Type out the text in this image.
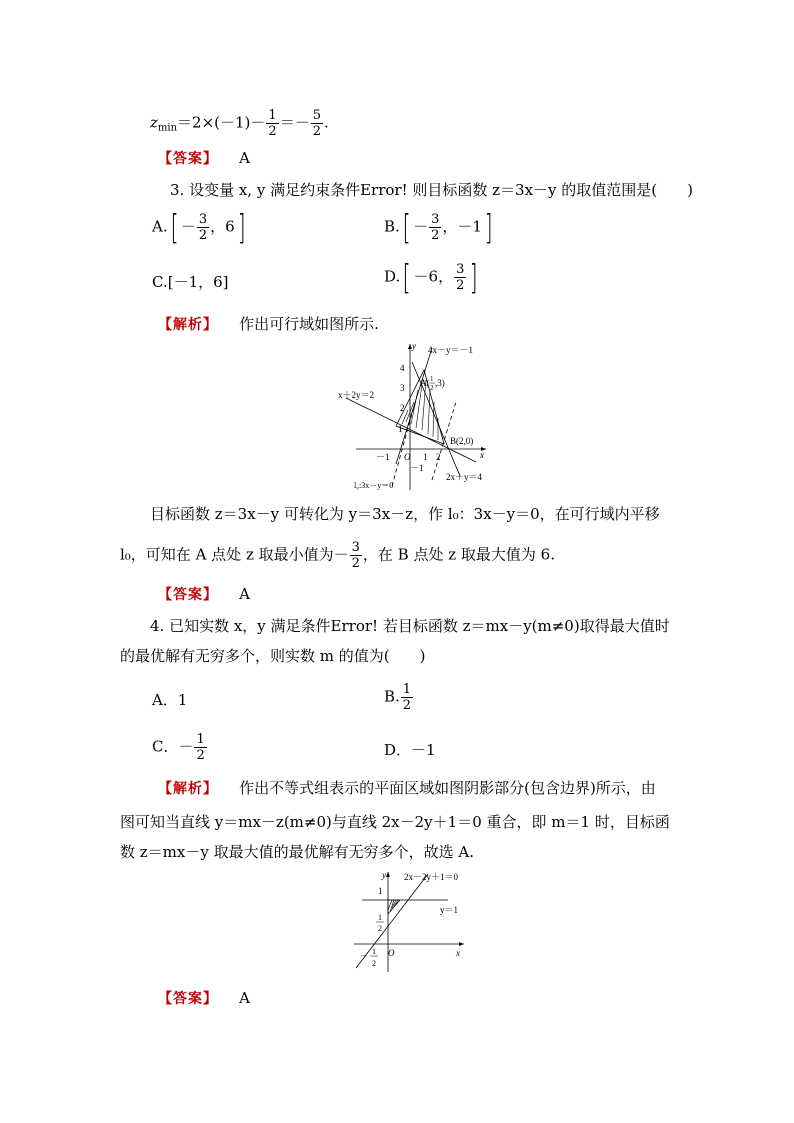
$z_{min}=2\times(-1)- \frac{1}{2} =- \frac{5}{2}$ .
【答案】 A
3. 设变量 x, y 满足约束条件Error! 则目标函数 z＝3x－y 的取值范围是(　　)
$A.[ - \frac{3}{2}$ ，6]	$B.[ - \frac{3}{2}$ ，－1]
C.[－1，6]	D.[ －6， $\frac{3}{2}$ ]
【解析】 作出可行域如图所示.
4x－y＝－1
x＋2y＝2
2x＋y＝4
l₀:3x－y＝0
A( 1
2 ,3)
B(2,0)
x
y
O
4
3
2
1
－1	1 2
－1
目标函数 z＝3x－y 可转化为 y＝3x－z，作 l₀：3x－y＝0，在可行域内平移
l₀，可知在 A 点处 z 取最小值为－ $\frac{3}{2}$ ，在 B 点处 z 取最大值为 6.
【答案】 A
4. 已知实数 x，y 满足条件Error! 若目标函数 z＝mx－y(m≠0)取得最大值时
的最优解有无穷多个，则实数 m 的值为(　　)
A．1	B. $\frac{1}{2}$
C．－ $\frac{1}{2}$	D．－1
【解析】 作出不等式组表示的平面区域如图阴影部分(包含边界)所示，由
图可知当直线 y＝mx－z(m≠0)与直线 2x－2y＋1＝0 重合，即 m＝1 时，目标函
数 z＝mx－y 取最大值的最优解有无穷多个，故选 A.
2x－2y＋1＝0
y＝1
x
y
O
1
1
2
－ 1
2
【答案】 A
